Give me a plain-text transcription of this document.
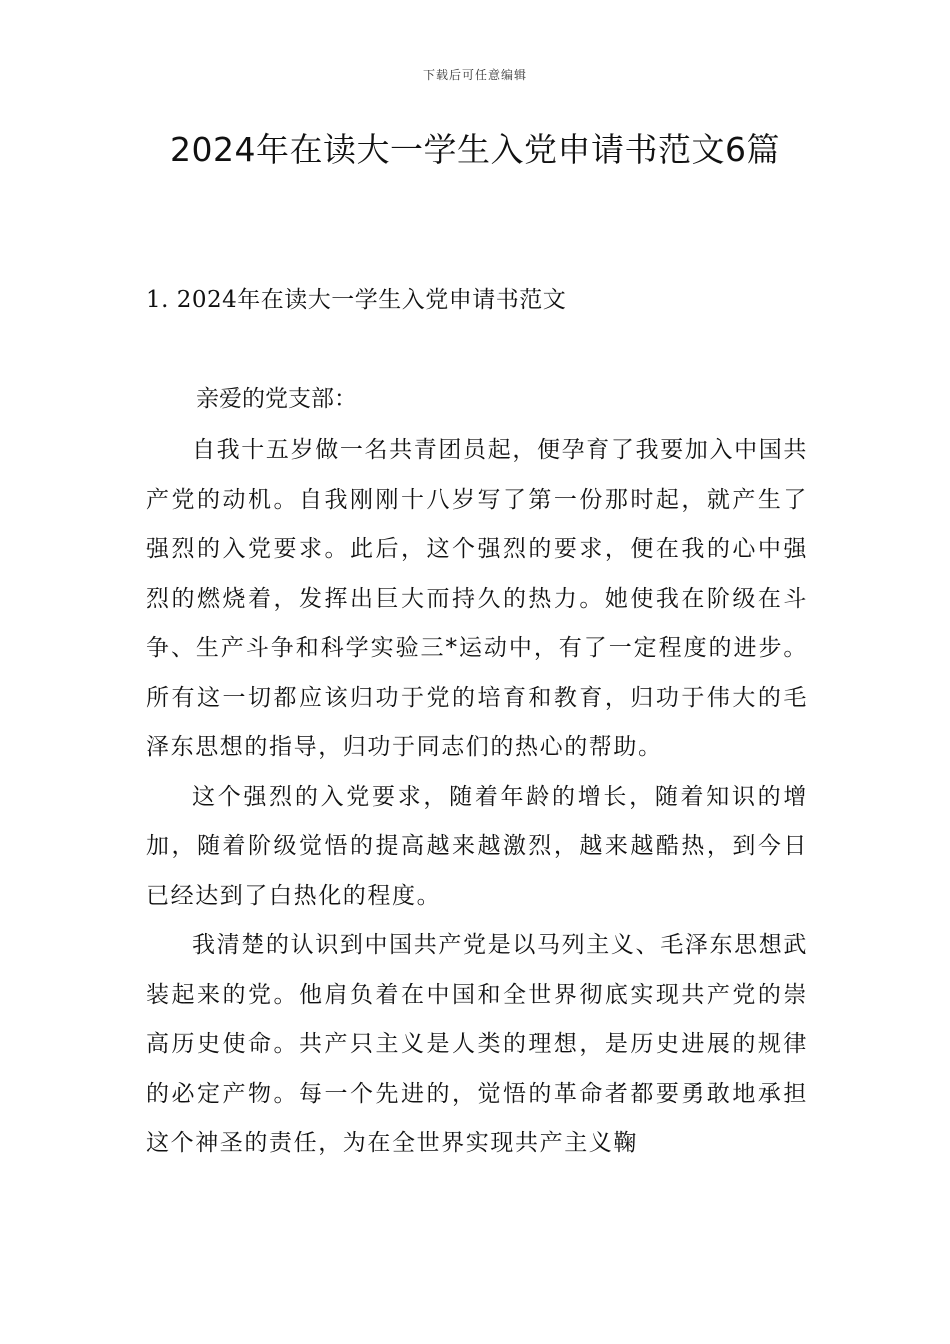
下载后可任意编辑
2024年在读大一学生入党申请书范文6篇
1. 2024年在读大一学生入党申请书范文
亲爱的党支部：

自我十五岁做一名共青团员起，便孕育了我要加入中国共产党的动机。自我刚刚十八岁写了第一份那时起，就产生了强烈的入党要求。此后，这个强烈的要求，便在我的心中强烈的燃烧着，发挥出巨大而持久的热力。她使我在阶级在斗争、生产斗争和科学实验三*运动中，有了一定程度的进步。所有这一切都应该归功于党的培育和教育，归功于伟大的毛泽东思想的指导，归功于同志们的热心的帮助。

这个强烈的入党要求，随着年龄的增长，随着知识的增加，随着阶级觉悟的提高越来越激烈，越来越酷热，到今日已经达到了白热化的程度。

我清楚的认识到中国共产党是以马列主义、毛泽东思想武装起来的党。他肩负着在中国和全世界彻底实现共产党的崇高历史使命。共产只主义是人类的理想，是历史进展的规律的必定产物。每一个先进的，觉悟的革命者都要勇敢地承担这个神圣的责任，为在全世界实现共产主义鞠
